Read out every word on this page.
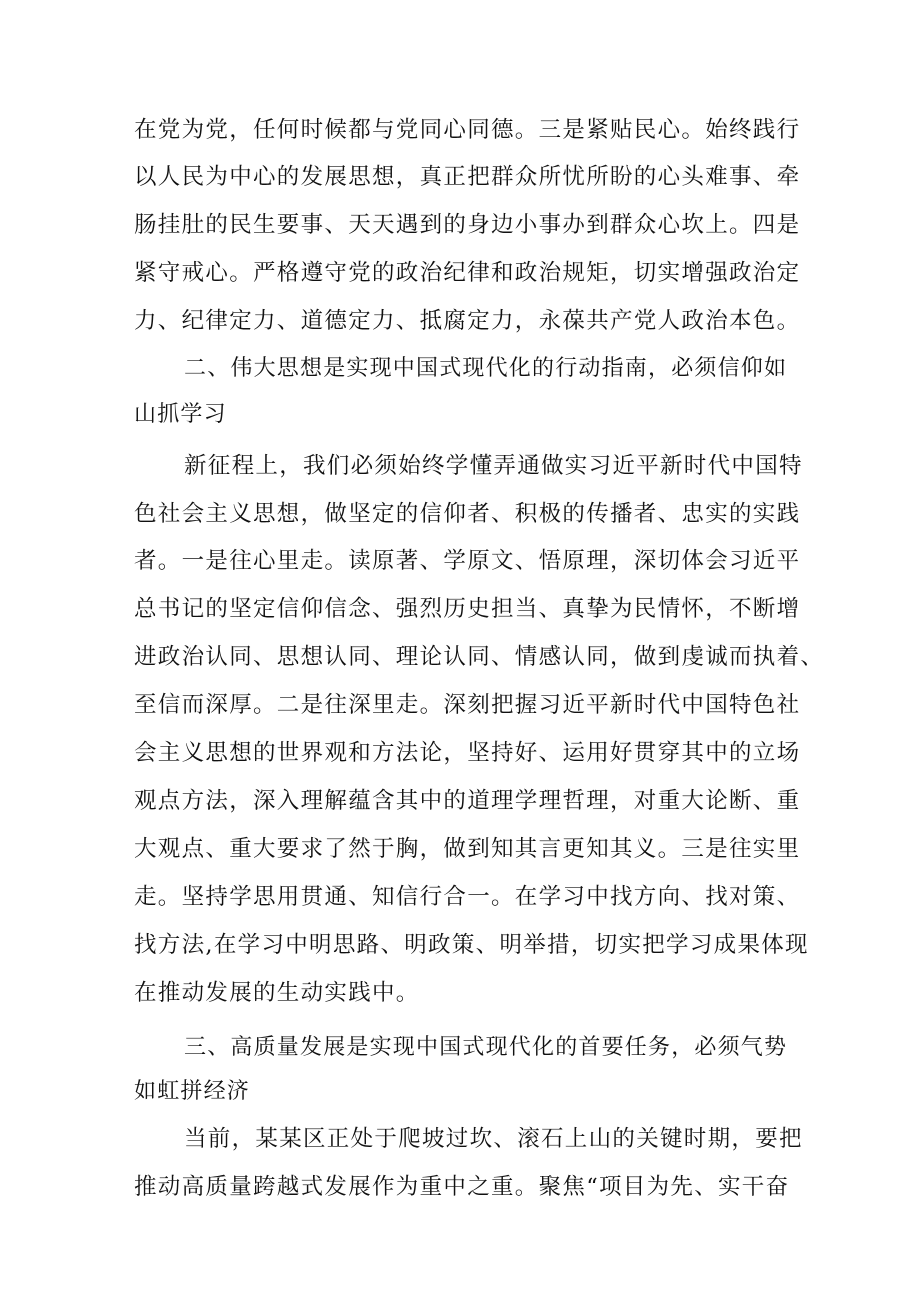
在党为党，任何时候都与党同心同德。三是紧贴民心。始终践行
以人民为中心的发展思想，真正把群众所忧所盼的心头难事、牵
肠挂肚的民生要事、天天遇到的身边小事办到群众心坎上。四是
紧守戒心。严格遵守党的政治纪律和政治规矩，切实增强政治定
力、纪律定力、道德定力、抵腐定力，永葆共产党人政治本色。
二、伟大思想是实现中国式现代化的行动指南，必须信仰如
山抓学习
新征程上，我们必须始终学懂弄通做实习近平新时代中国特
色社会主义思想，做坚定的信仰者、积极的传播者、忠实的实践
者。一是往心里走。读原著、学原文、悟原理，深切体会习近平
总书记的坚定信仰信念、强烈历史担当、真挚为民情怀，不断增
进政治认同、思想认同、理论认同、情感认同，做到虔诚而执着、
至信而深厚。二是往深里走。深刻把握习近平新时代中国特色社
会主义思想的世界观和方法论，坚持好、运用好贯穿其中的立场
观点方法，深入理解蕴含其中的道理学理哲理，对重大论断、重
大观点、重大要求了然于胸，做到知其言更知其义。三是往实里
走。坚持学思用贯通、知信行合一。在学习中找方向、找对策、
找方法,在学习中明思路、明政策、明举措，切实把学习成果体现
在推动发展的生动实践中。
三、高质量发展是实现中国式现代化的首要任务，必须气势
如虹拼经济
当前，某某区正处于爬坡过坎、滚石上山的关键时期，要把
推动高质量跨越式发展作为重中之重。聚焦“项目为先、实干奋
